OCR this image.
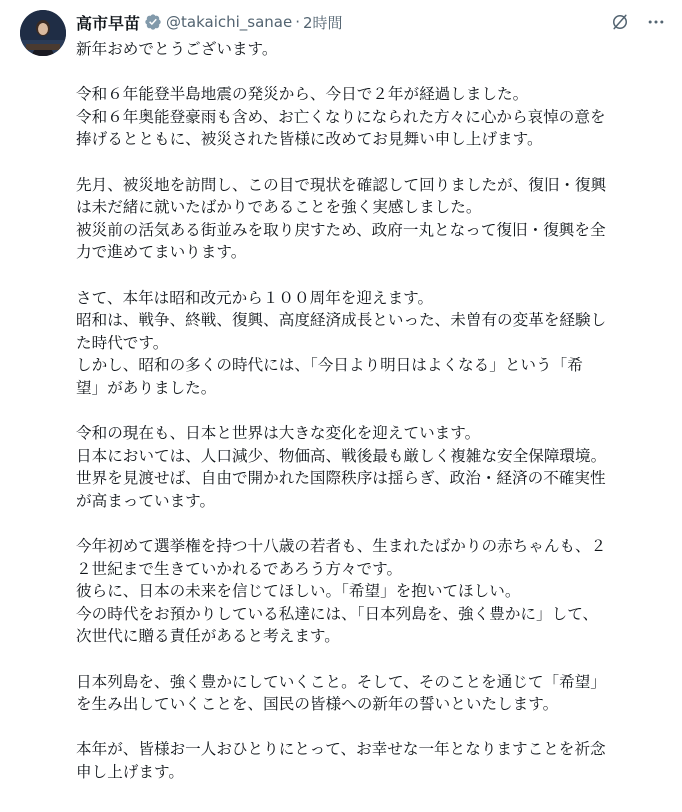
高市早苗 @takaichi_sanae · 2時間
新年おめでとうございます。
令和６年能登半島地震の発災から、今日で２年が経過しました。
令和６年奥能登豪雨も含め、お亡くなりになられた方々に心から哀悼の意を
捧げるとともに、被災された皆様に改めてお見舞い申し上げます。
先月、被災地を訪問し、この目で現状を確認して回りましたが、復旧・復興
は未だ緒に就いたばかりであることを強く実感しました。
被災前の活気ある街並みを取り戻すため、政府一丸となって復旧・復興を全
力で進めてまいります。
さて、本年は昭和改元から１００周年を迎えます。
昭和は、戦争、終戦、復興、高度経済成長といった、未曽有の変革を経験し
た時代です。
しかし、昭和の多くの時代には、「今日より明日はよくなる」という「希
望」がありました。
令和の現在も、日本と世界は大きな変化を迎えています。
日本においては、人口減少、物価高、戦後最も厳しく複雑な安全保障環境。
世界を見渡せば、自由で開かれた国際秩序は揺らぎ、政治・経済の不確実性
が高まっています。
今年初めて選挙権を持つ十八歳の若者も、生まれたばかりの赤ちゃんも、２
２世紀まで生きていかれるであろう方々です。
彼らに、日本の未来を信じてほしい。「希望」を抱いてほしい。
今の時代をお預かりしている私達には、「日本列島を、強く豊かに」して、
次世代に贈る責任があると考えます。
日本列島を、強く豊かにしていくこと。そして、そのことを通じて「希望」
を生み出していくことを、国民の皆様への新年の誓いといたします。
本年が、皆様お一人おひとりにとって、お幸せな一年となりますことを祈念
申し上げます。
